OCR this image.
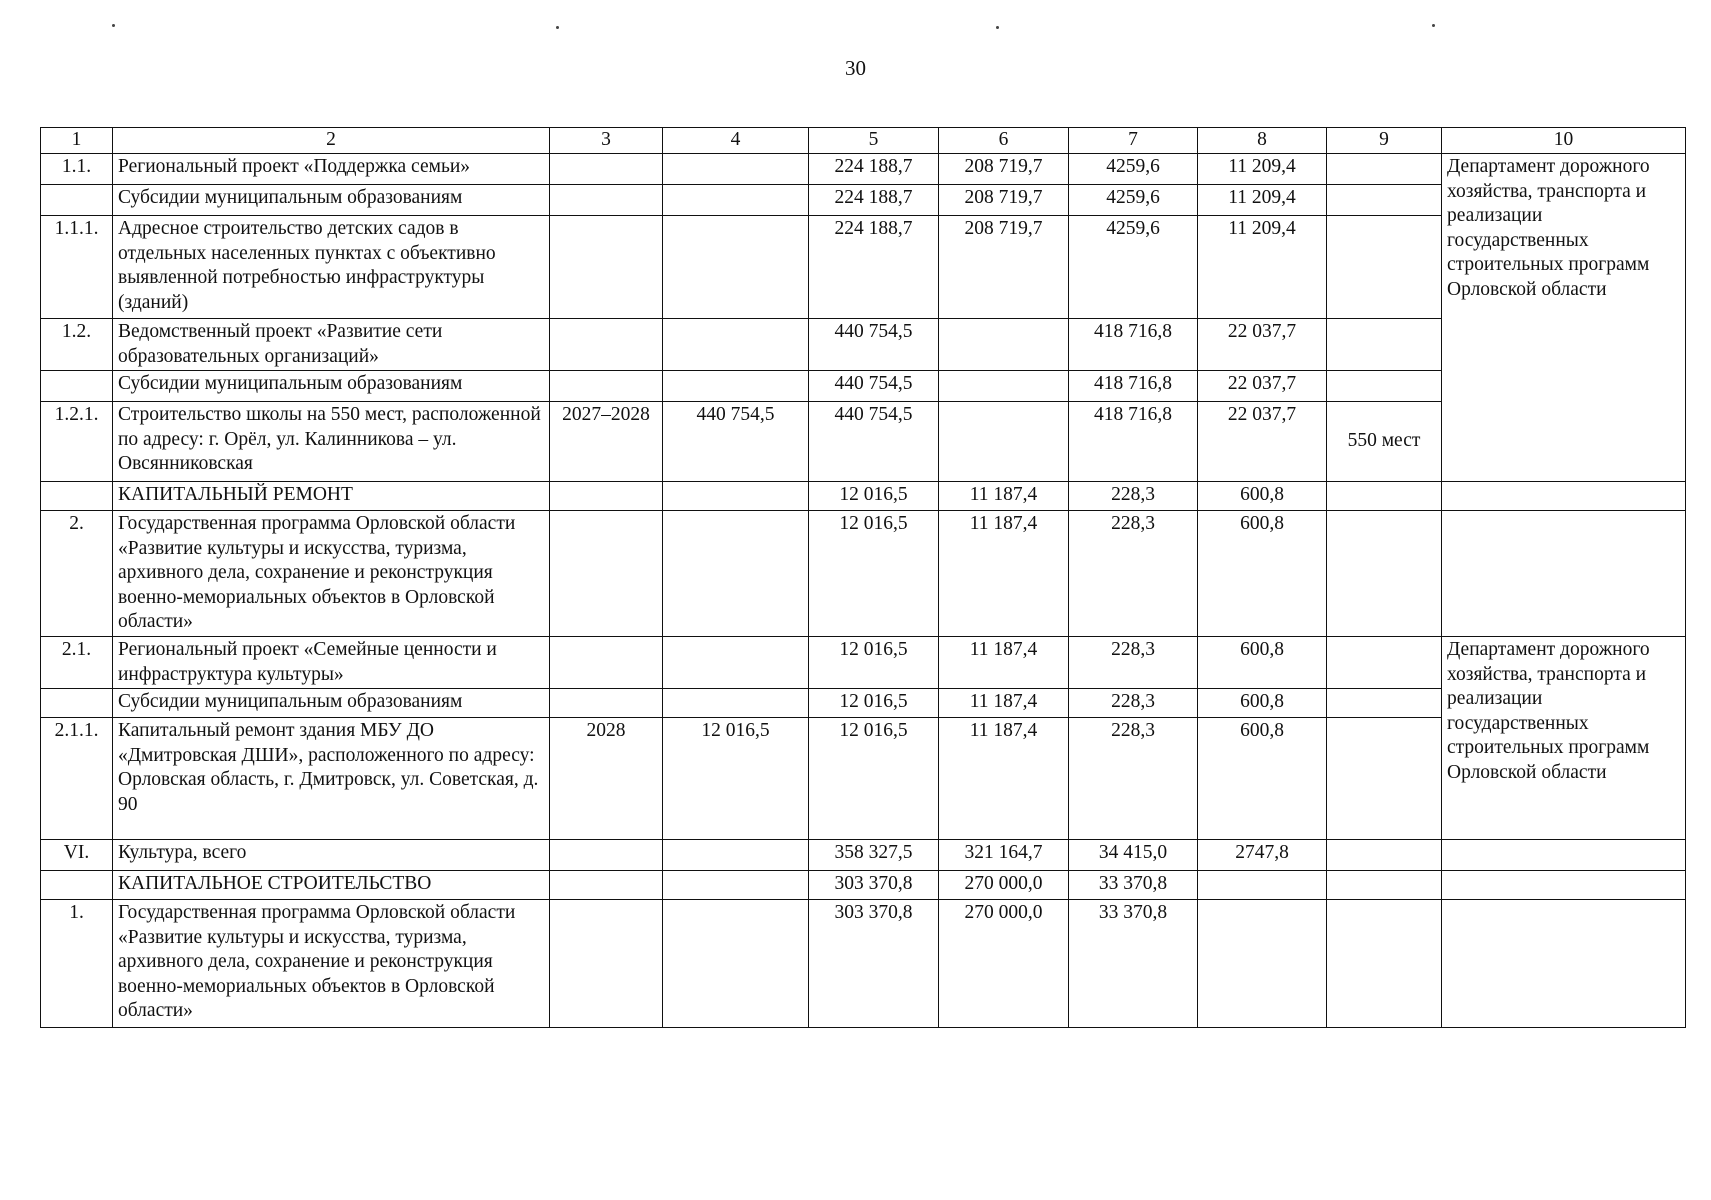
30
1	2	3	4	5	6	7	8	9	10
1.1.	Региональный проект «Поддержка семьи»			224 188,7	208 719,7	4259,6	11 209,4		Департамент дорожного хозяйства, транспорта и реализации государственных строительных программ Орловской области
	Субсидии муниципальным образованиям			224 188,7	208 719,7	4259,6	11 209,4		
1.1.1.	Адресное строительство детских садов в отдельных населенных пунктах с объективно выявленной потребностью инфраструктуры (зданий)			224 188,7	208 719,7	4259,6	11 209,4		
1.2.	Ведомственный проект «Развитие сети образовательных организаций»			440 754,5		418 716,8	22 037,7		
	Субсидии муниципальным образованиям			440 754,5		418 716,8	22 037,7		
1.2.1.	Строительство школы на 550 мест, расположенной по адресу: г. Орёл, ул. Калинникова – ул. Овсянниковская	2027–2028	440 754,5	440 754,5		418 716,8	22 037,7	550 мест	
	КАПИТАЛЬНЫЙ РЕМОНТ			12 016,5	11 187,4	228,3	600,8		
2.	Государственная программа Орловской области «Развитие культуры и искусства, туризма, архивного дела, сохранение и реконструкция военно-мемориальных объектов в Орловской области»			12 016,5	11 187,4	228,3	600,8		
2.1.	Региональный проект «Семейные ценности и инфраструктура культуры»			12 016,5	11 187,4	228,3	600,8		Департамент дорожного хозяйства, транспорта и реализации государственных строительных программ Орловской области
	Субсидии муниципальным образованиям			12 016,5	11 187,4	228,3	600,8		
2.1.1.	Капитальный ремонт здания МБУ ДО «Дмитровская ДШИ», расположенного по адресу: Орловская область, г. Дмитровск, ул. Советская, д. 90	2028	12 016,5	12 016,5	11 187,4	228,3	600,8		
VI.	Культура, всего			358 327,5	321 164,7	34 415,0	2747,8		
	КАПИТАЛЬНОЕ СТРОИТЕЛЬСТВО			303 370,8	270 000,0	33 370,8			
1.	Государственная программа Орловской области «Развитие культуры и искусства, туризма, архивного дела, сохранение и реконструкция военно-мемориальных объектов в Орловской области»			303 370,8	270 000,0	33 370,8			
